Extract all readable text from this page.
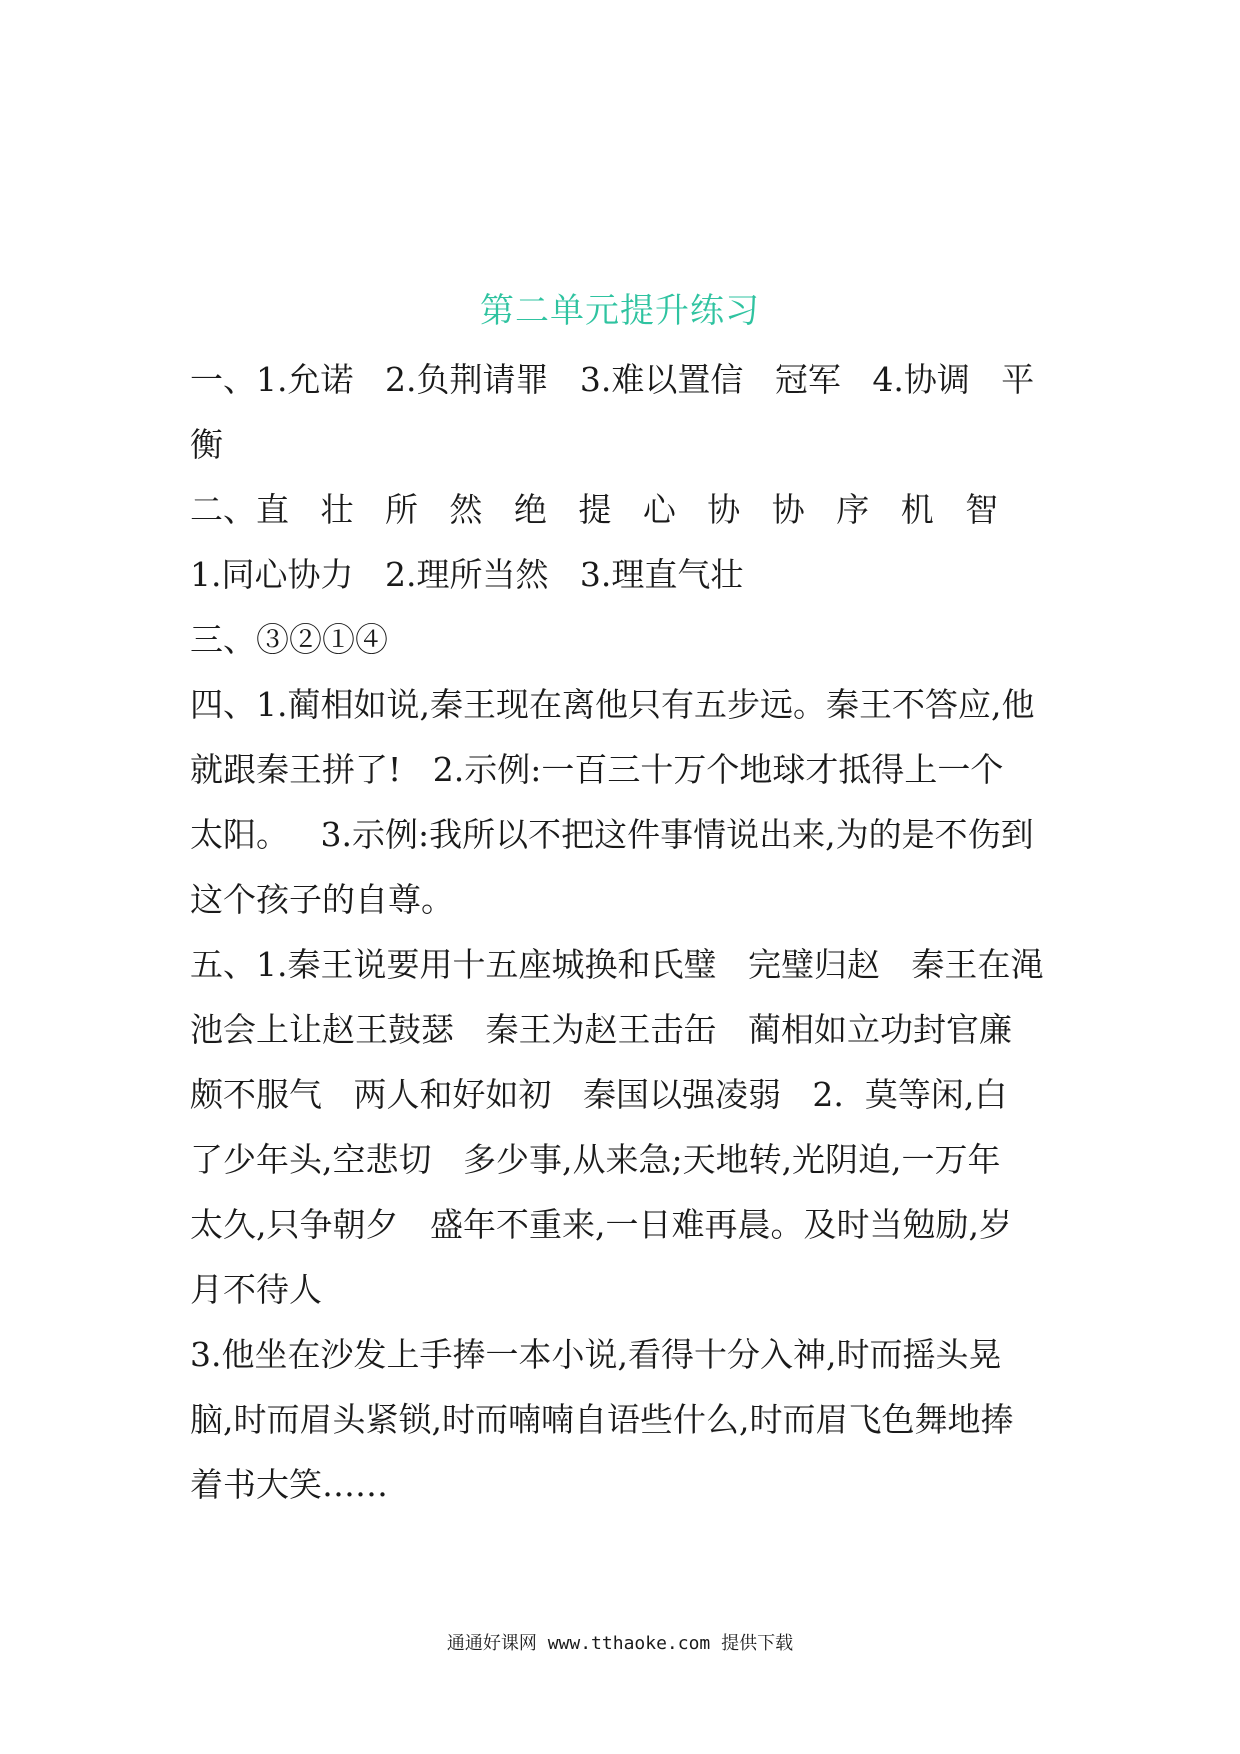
第二单元提升练习
一、1.允诺   2.负荆请罪   3.难以置信   冠军   4.协调   平
衡
二、直   壮   所   然   绝   提   心   协   协   序   机   智
1.同心协力   2.理所当然   3.理直气壮
三、③②①④
四、1.蔺相如说,秦王现在离他只有五步远。秦王不答应,他
就跟秦王拼了!   2.示例:一百三十万个地球才抵得上一个
太阳。   3.示例:我所以不把这件事情说出来,为的是不伤到
这个孩子的自尊。
五、1.秦王说要用十五座城换和氏璧   完璧归赵   秦王在渑
池会上让赵王鼓瑟   秦王为赵王击缶   蔺相如立功封官廉
颇不服气   两人和好如初   秦国以强凌弱   2.  莫等闲,白
了少年头,空悲切   多少事,从来急;天地转,光阴迫,一万年
太久,只争朝夕   盛年不重来,一日难再晨。及时当勉励,岁
月不待人
3.他坐在沙发上手捧一本小说,看得十分入神,时而摇头晃
脑,时而眉头紧锁,时而喃喃自语些什么,时而眉飞色舞地捧
着书大笑……
通通好课网 www.tthaoke.com 提供下载
